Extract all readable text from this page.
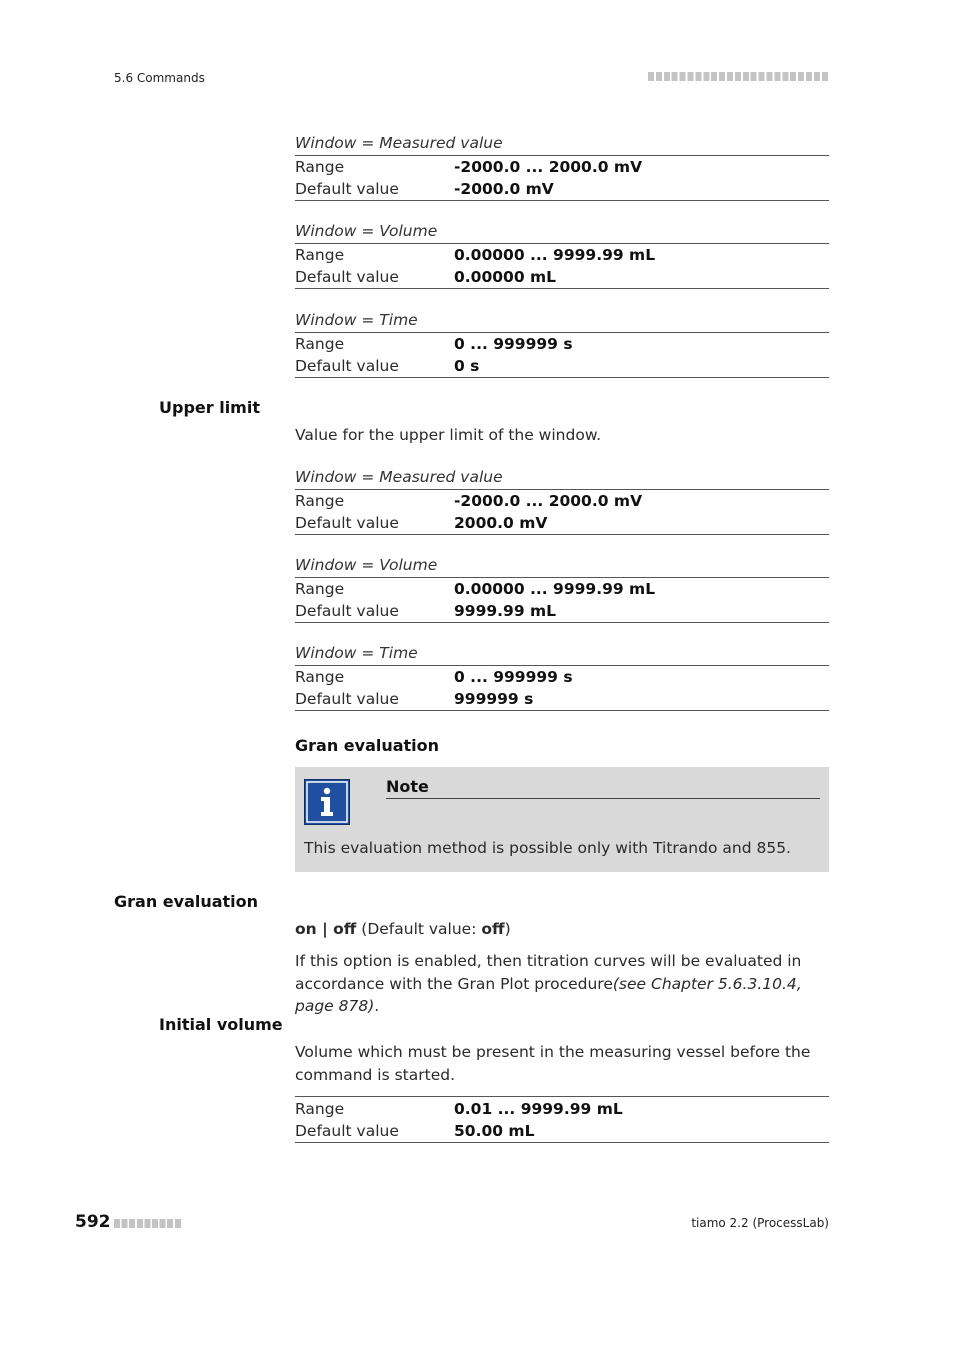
5.6 Commands
Window = Measured value
Range	-2000.0 ... 2000.0 mV
Default value	-2000.0 mV
Window = Volume
Range	0.00000 ... 9999.99 mL
Default value	0.00000 mL
Window = Time
Range	0 ... 999999 s
Default value	0 s
Upper limit
Value for the upper limit of the window.
Window = Measured value
Range	-2000.0 ... 2000.0 mV
Default value	2000.0 mV
Window = Volume
Range	0.00000 ... 9999.99 mL
Default value	9999.99 mL
Window = Time
Range	0 ... 999999 s
Default value	999999 s
Gran evaluation
Note
This evaluation method is possible only with Titrando and 855.
Gran evaluation
on | off (Default value: off)
If this option is enabled, then titration curves will be evaluated in accordance with the Gran Plot procedure(see Chapter 5.6.3.10.4, page 878).
Initial volume
Volume which must be present in the measuring vessel before the command is started.
Range	0.01 ... 9999.99 mL
Default value	50.00 mL
592	tiamo 2.2 (ProcessLab)
